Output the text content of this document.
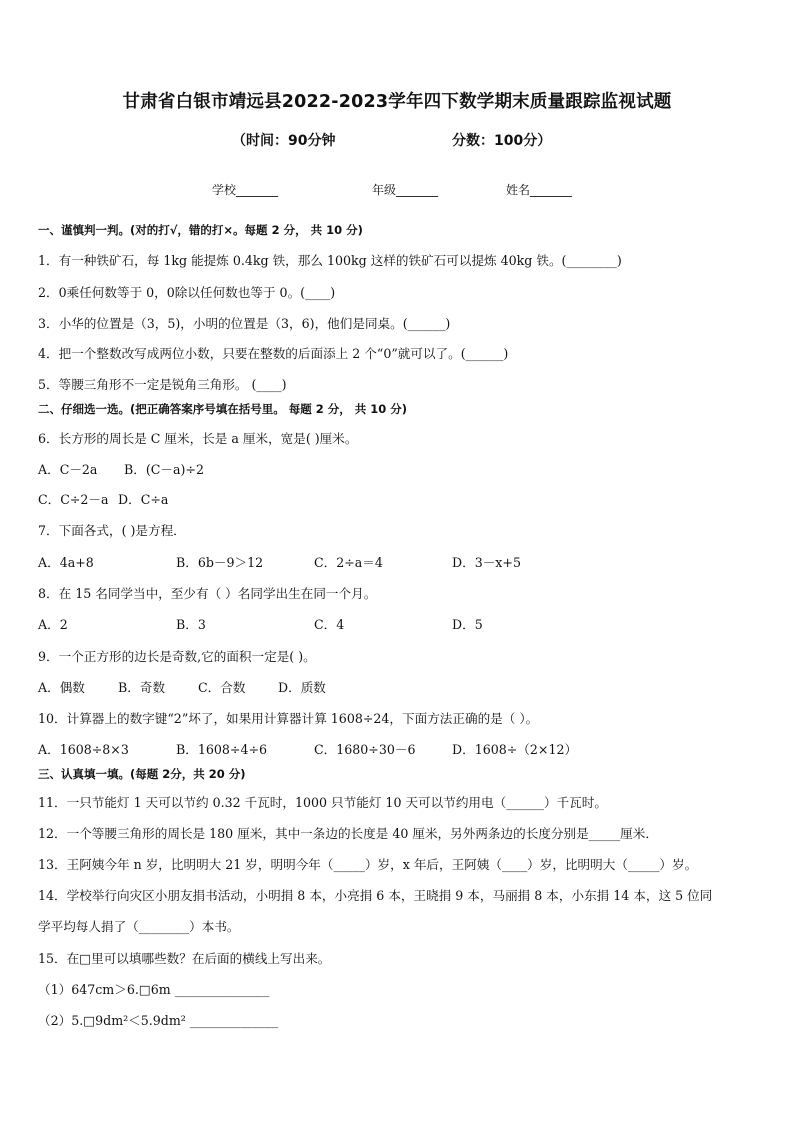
甘肃省白银市靖远县2022-2023学年四下数学期末质量跟踪监视试题
（时间：90分钟	分数：100分）
学校_______	年级_______	姓名_______
一、谨慎判一判。(对的打√，错的打×。每题 2 分， 共 10 分)
1．有一种铁矿石，每 1kg 能提炼 0.4kg 铁，那么 100kg 这样的铁矿石可以提炼 40kg 铁。(________)
2．0乘任何数等于 0，0除以任何数也等于 0。(____)
3．小华的位置是（3，5)，小明的位置是（3，6)，他们是同桌。(______)
4．把一个整数改写成两位小数，只要在整数的后面添上 2 个“0”就可以了。(______)
5．等腰三角形不一定是锐角三角形。 (____)
二、仔细选一选。(把正确答案序号填在括号里。 每题 2 分， 共 10 分)
6．长方形的周长是 C 厘米，长是 a 厘米，宽是( )厘米。
A．C－2a B．(C－a)÷2
C．C÷2－a D．C÷a
7．下面各式，( )是方程．
A．4a+8	B．6b－9＞12	C．2÷a＝4	D．3－x+5
8．在 15 名同学当中，至少有（ ）名同学出生在同一个月。
A．2	B．3	C．4	D．5
9．一个正方形的边长是奇数,它的面积一定是( )。
A．偶数	B．奇数	C．合数	D．质数
10．计算器上的数字键“2”坏了，如果用计算器计算 1608÷24，下面方法正确的是（ ）。
A．1608÷8×3	B．1608÷4÷6	C．1680÷30－6	D．1608÷（2×12）
三、认真填一填。(每题 2分，共 20 分)
11．一只节能灯 1 天可以节约 0.32 千瓦时，1000 只节能灯 10 天可以节约用电（______）千瓦时。
12．一个等腰三角形的周长是 180 厘米，其中一条边的长度是 40 厘米，另外两条边的长度分别是_____厘米．
13．王阿姨今年 n 岁，比明明大 21 岁，明明今年（_____）岁，x 年后，王阿姨（____）岁，比明明大（_____）岁。
14．学校举行向灾区小朋友捐书活动，小明捐 8 本，小亮捐 6 本，王晓捐 9 本，马丽捐 8 本，小东捐 14 本，这 5 位同
学平均每人捐了（________）本书。
15．在□里可以填哪些数？在后面的横线上写出来。
（1）647cm＞6.□6m _______________
（2）5.□9dm²＜5.9dm² ______________
